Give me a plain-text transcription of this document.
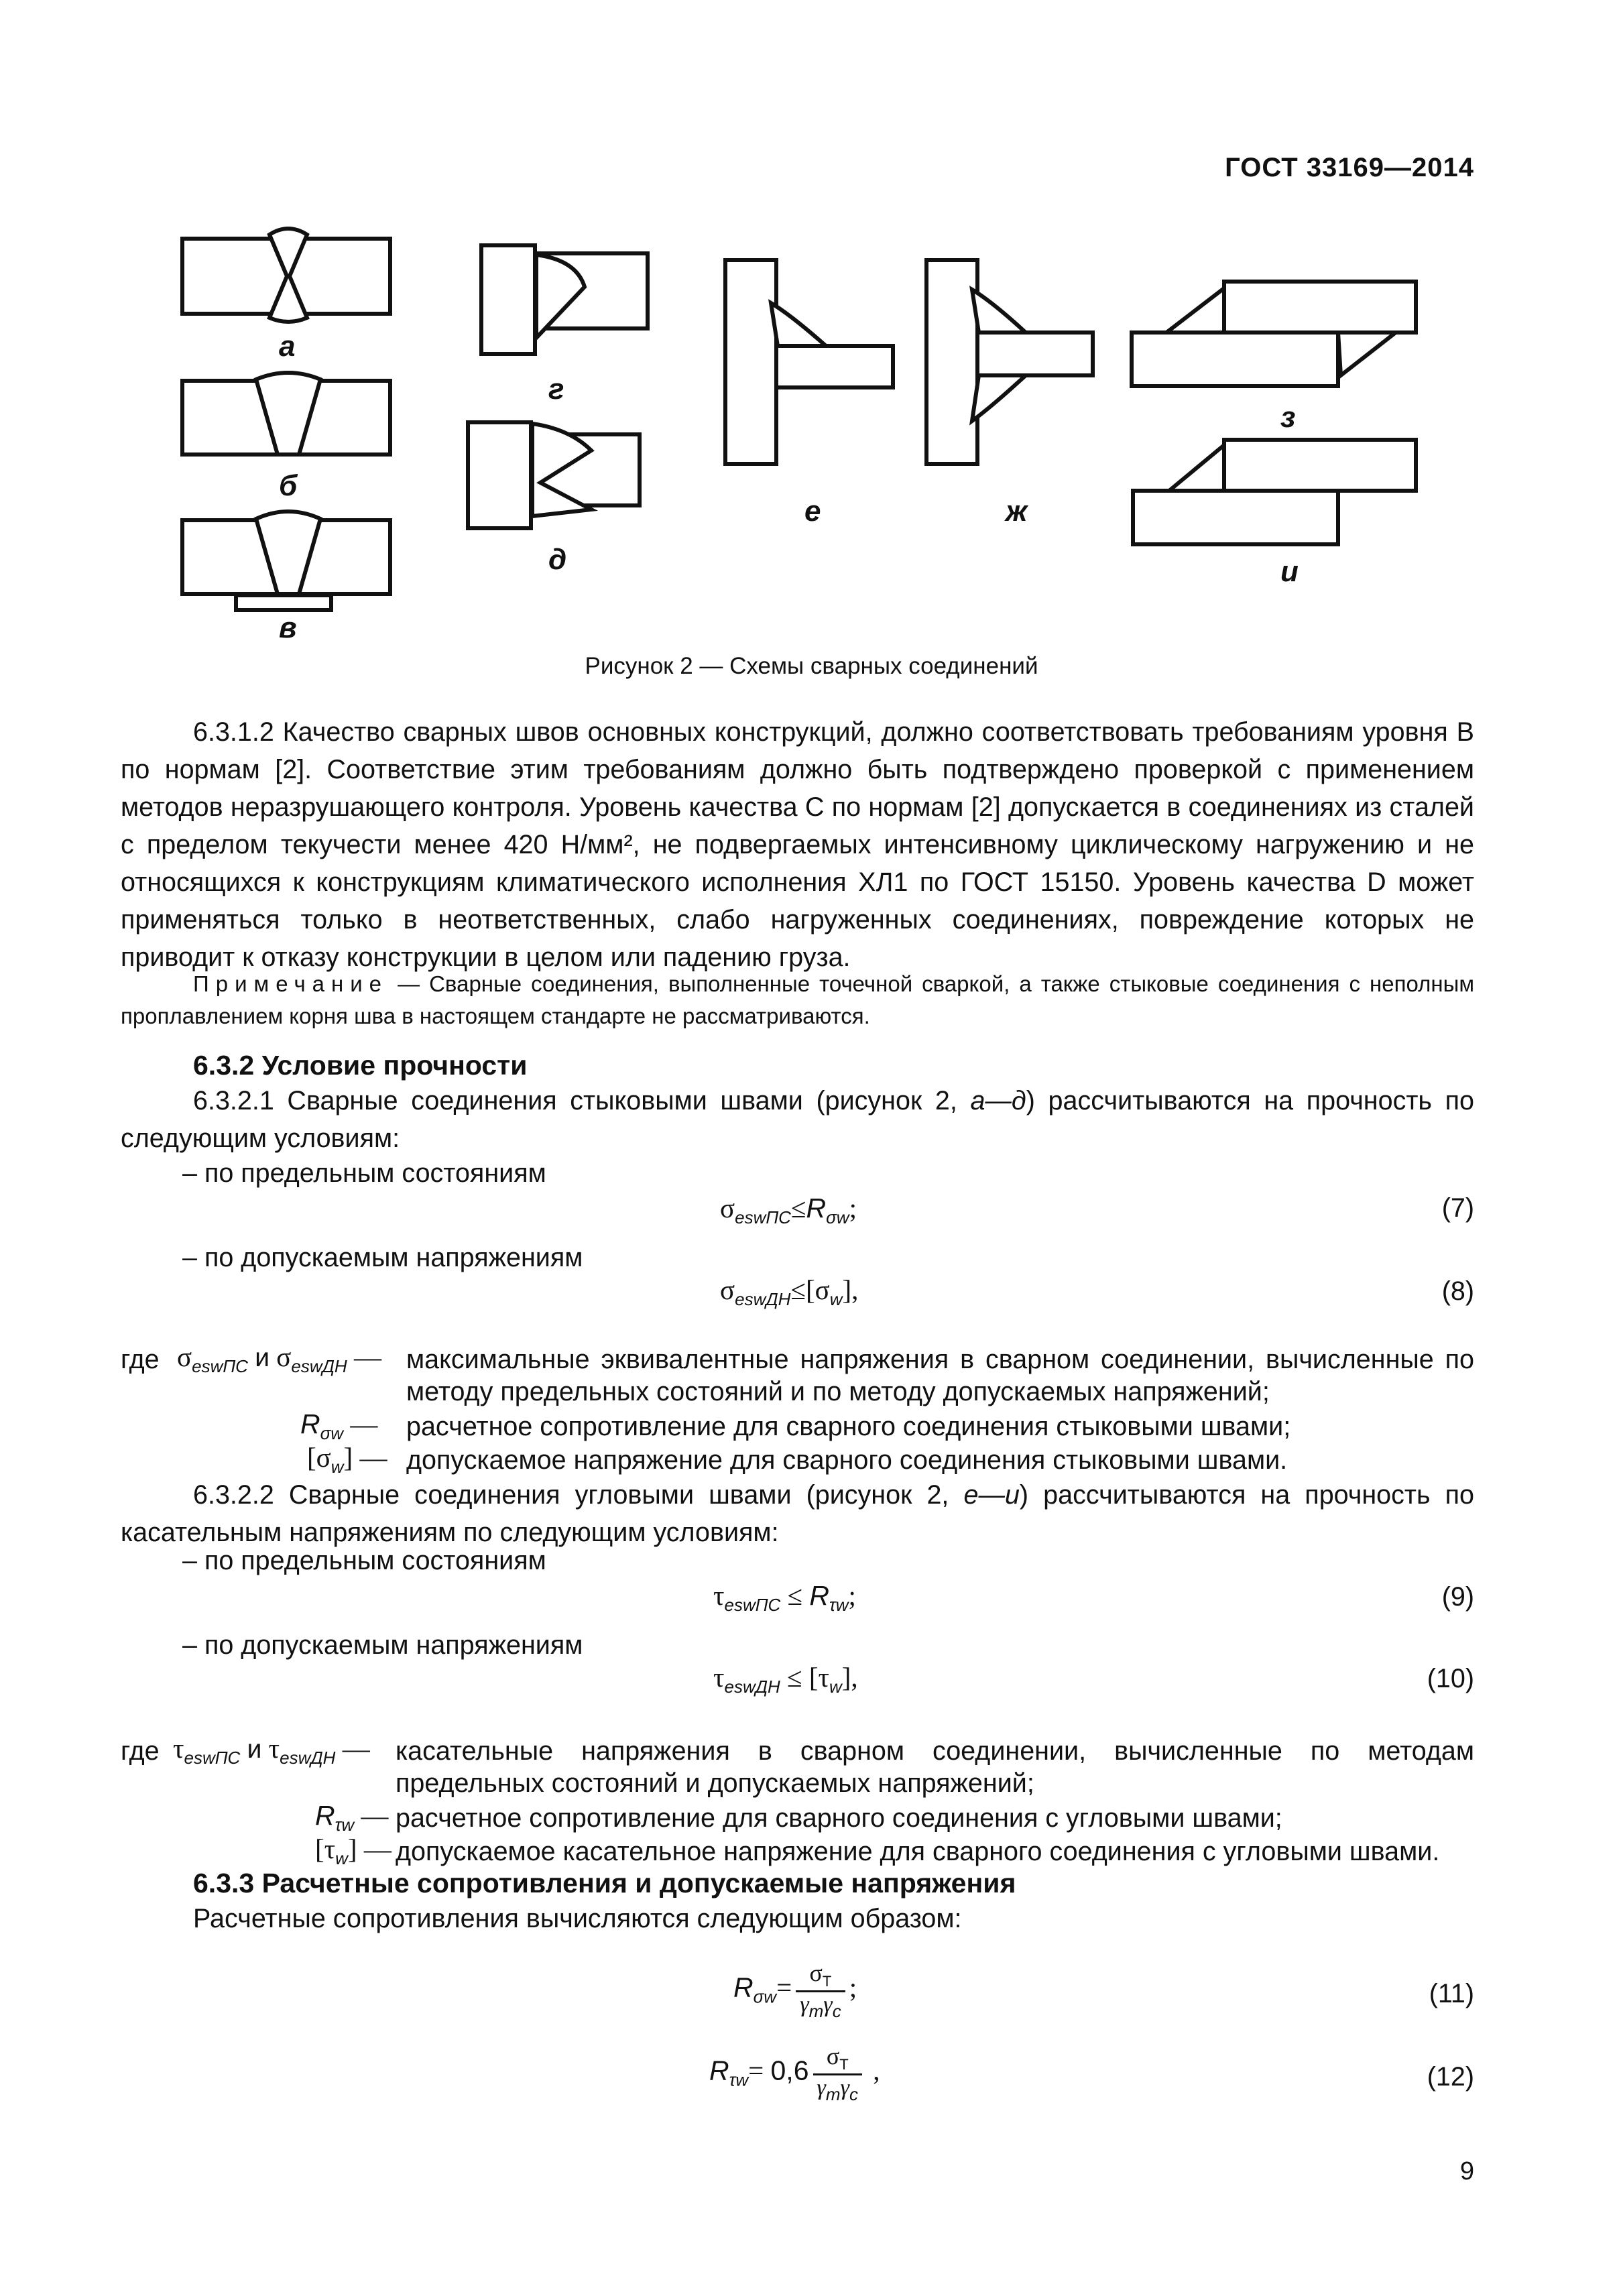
ГОСТ 33169—2014
а
б
в
г
д
е	ж
з
и
Рисунок 2 — Схемы сварных соединений
6.3.1.2 Качество сварных швов основных конструкций, должно соответствовать требованиям уровня В по нормам [2]. Соответствие этим требованиям должно быть подтверждено проверкой с применением методов неразрушающего контроля. Уровень качества С по нормам [2] допускается в соединениях из сталей с пределом текучести менее 420 Н/мм², не подвергаемых интенсивному циклическому нагружению и не относящихся к конструкциям климатического исполнения ХЛ1 по ГОСТ 15150. Уровень качества D может применяться только в неответственных, слабо нагруженных соединениях, повреждение которых не приводит к отказу конструкции в целом или падению груза.
Примечание — Сварные соединения, выполненные точечной сваркой, а также стыковые соединения с неполным проплавлением корня шва в настоящем стандарте не рассматриваются.
6.3.2 Условие прочности
6.3.2.1 Сварные соединения стыковыми швами (рисунок 2, а—д) рассчитываются на прочность по следующим условиям:
– по предельным состояниям
$\sigma_{eswПС}\le R_{\sigma w}$;	(7)
– по допускаемым напряжениям
$\sigma_{eswДН}\le[\sigma_w]$,	(8)
где $\sigma_{eswПС}$ и $\sigma_{eswДН}$ — максимальные эквивалентные напряжения в сварном соединении, вычисленные по методу предельных состояний и по методу допускаемых напряжений;
$R_{\sigma w}$ — расчетное сопротивление для сварного соединения стыковыми швами;
$[\sigma_w]$ — допускаемое напряжение для сварного соединения стыковыми швами.
6.3.2.2 Сварные соединения угловыми швами (рисунок 2, е—и) рассчитываются на прочность по касательным напряжениям по следующим условиям:
– по предельным состояниям
$\tau_{eswПС} \le R_{\tau w}$;	(9)
– по допускаемым напряжениям
$\tau_{eswДН} \le [\tau_w]$,	(10)
где $\tau_{eswПС}$ и $\tau_{eswДН}$ — касательные напряжения в сварном соединении, вычисленные по методам предельных состояний и допускаемых напряжений;
$R_{\tau w}$ — расчетное сопротивление для сварного соединения с угловыми швами;
$[\tau_w]$ — допускаемое касательное напряжение для сварного соединения с угловыми швами.
6.3.3 Расчетные сопротивления и допускаемые напряжения
Расчетные сопротивления вычисляются следующим образом:
$R_{\sigma w}= \frac{\sigma_T}{\gamma_m\gamma_c}$ ;	(11)
$R_{\tau w}= 0,6 \frac{\sigma_T}{\gamma_m\gamma_c}$ ,	(12)
9
